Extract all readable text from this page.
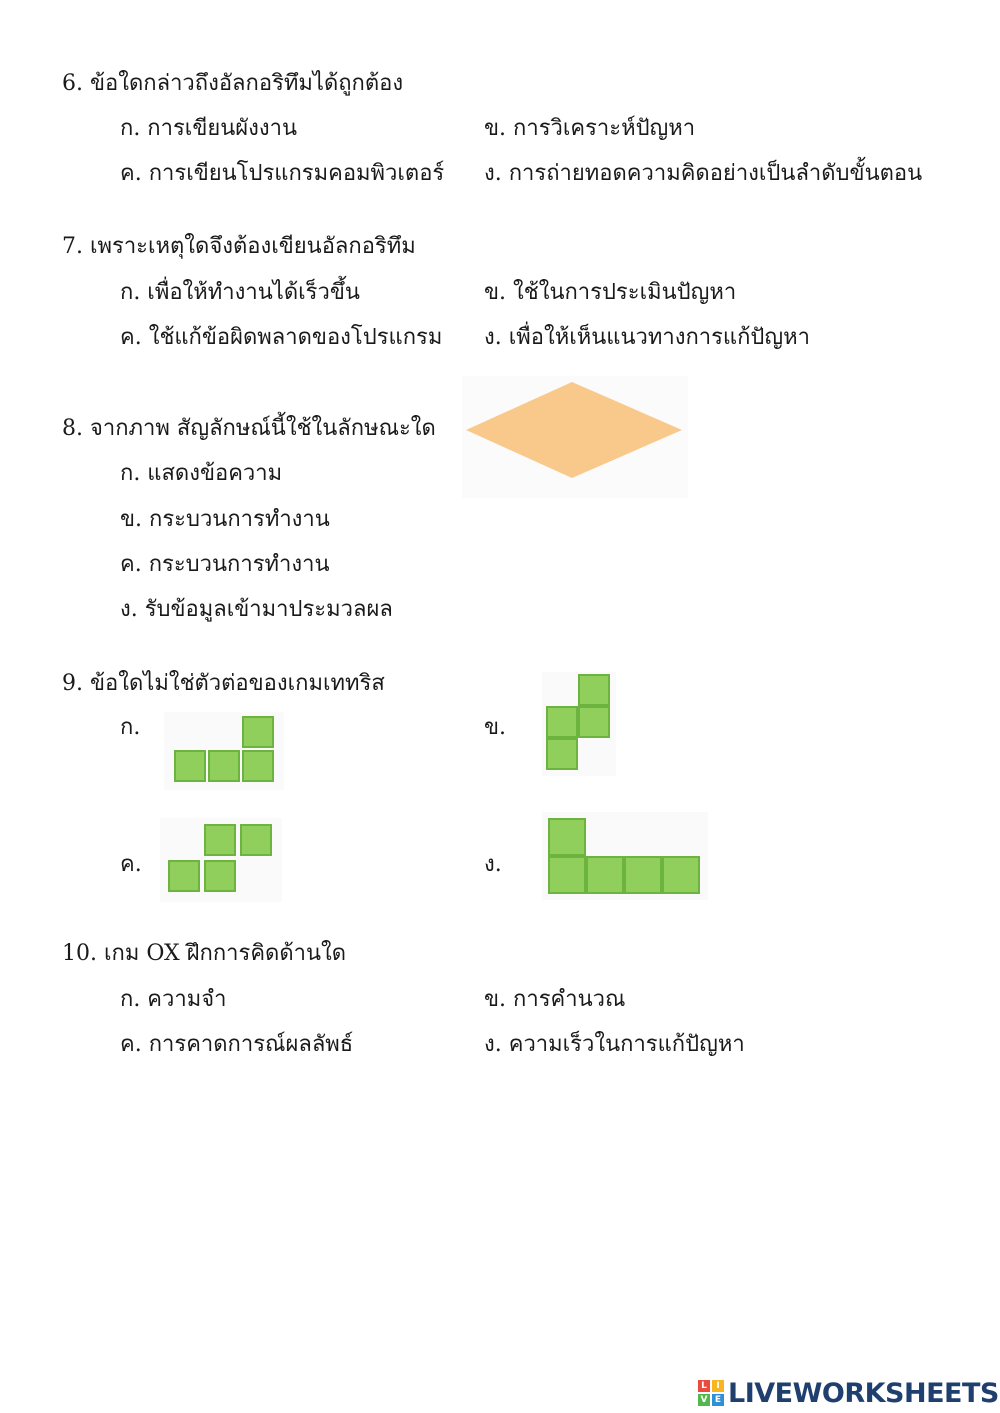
6. ข้อใดกล่าวถึงอัลกอริทึมได้ถูกต้อง
ก. การเขียนผังงาน	ข. การวิเคราะห์ปัญหา
ค. การเขียนโปรแกรมคอมพิวเตอร์ ง. การถ่ายทอดความคิดอย่างเป็นลำดับขั้นตอน
7. เพราะเหตุใดจึงต้องเขียนอัลกอริทึม
ก. เพื่อให้ทำงานได้เร็วขึ้น	ข. ใช้ในการประเมินปัญหา
ค. ใช้แก้ข้อผิดพลาดของโปรแกรม ง. เพื่อให้เห็นแนวทางการแก้ปัญหา
8. จากภาพ สัญลักษณ์นี้ใช้ในลักษณะใด
ก. แสดงข้อความ
ข. กระบวนการทำงาน
ค. กระบวนการทำงาน
ง. รับข้อมูลเข้ามาประมวลผล
9. ข้อใดไม่ใช่ตัวต่อของเกมเททริส
ก.	ข.
ค.	ง.
10. เกม OX ฝึกการคิดด้านใด
ก. ความจำ	ข. การคำนวณ
ค. การคาดการณ์ผลลัพธ์	ง. ความเร็วในการแก้ปัญหา
L	I
V E LIVEWORKSHEETS
